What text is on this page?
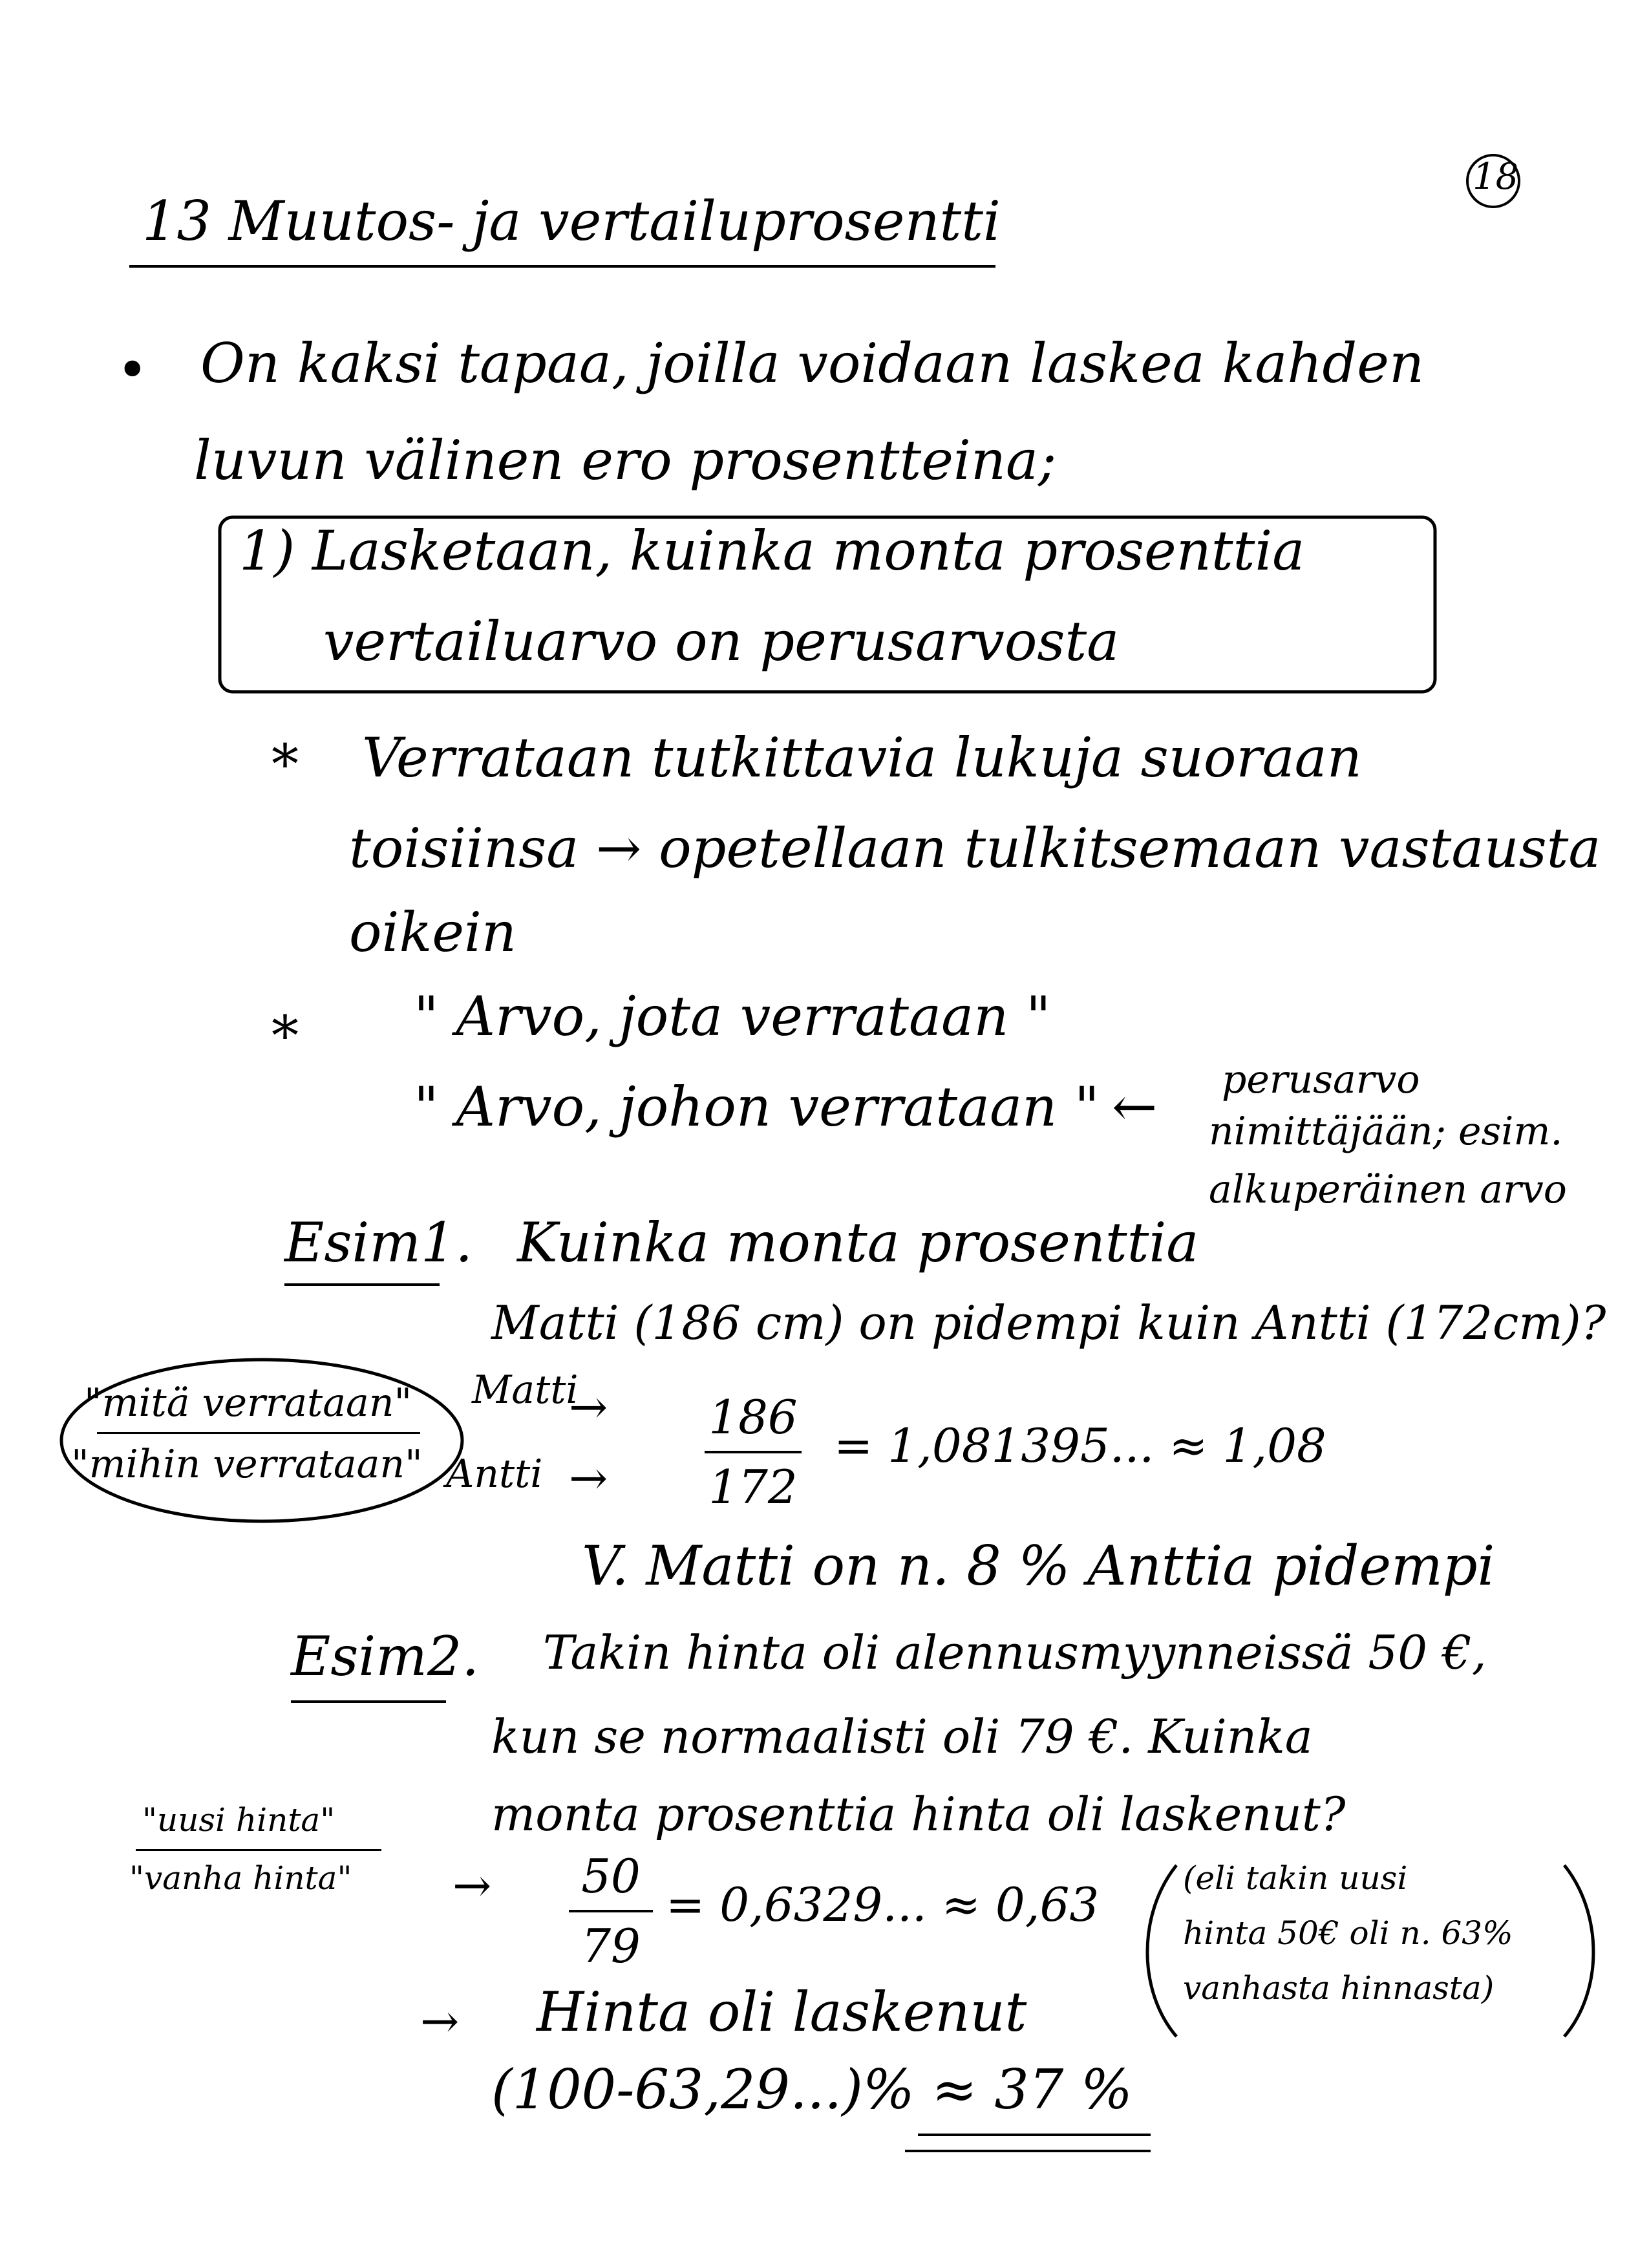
18
13 Muutos- ja vertailuprosentti
• On kaksi tapaa, joilla voidaan laskea kahden
luvun välinen ero prosentteina;
1) Lasketaan, kuinka monta prosenttia
vertailuarvo on perusarvosta
* Verrataan tutkittavia lukuja suoraan
toisiinsa → opetellaan tulkitsemaan vastausta
oikein
* " Arvo, jota verrataan "
" Arvo, johon verrataan " ← perusarvo
nimittäjään; esim.
alkuperäinen arvo
Esim1. Kuinka monta prosenttia
Matti (186 cm) on pidempi kuin Antti (172cm)?
"mitä verrataan"
"mihin verrataan"
Matti
→
Antti →
186
172
= 1,081395... ≈ 1,08
V. Matti on n. 8 % Anttia pidempi
Esim2. Takin hinta oli alennusmyynneissä 50 €,
kun se normaalisti oli 79 €. Kuinka
monta prosenttia hinta oli laskenut?
"uusi hinta"
"vanha hinta" → 50
79
= 0,6329... ≈ 0,63	(eli takin uusi
hinta 50€ oli n. 63%
vanhasta hinnasta)
→ Hinta oli laskenut
(100-63,29...)% ≈ 37 %
